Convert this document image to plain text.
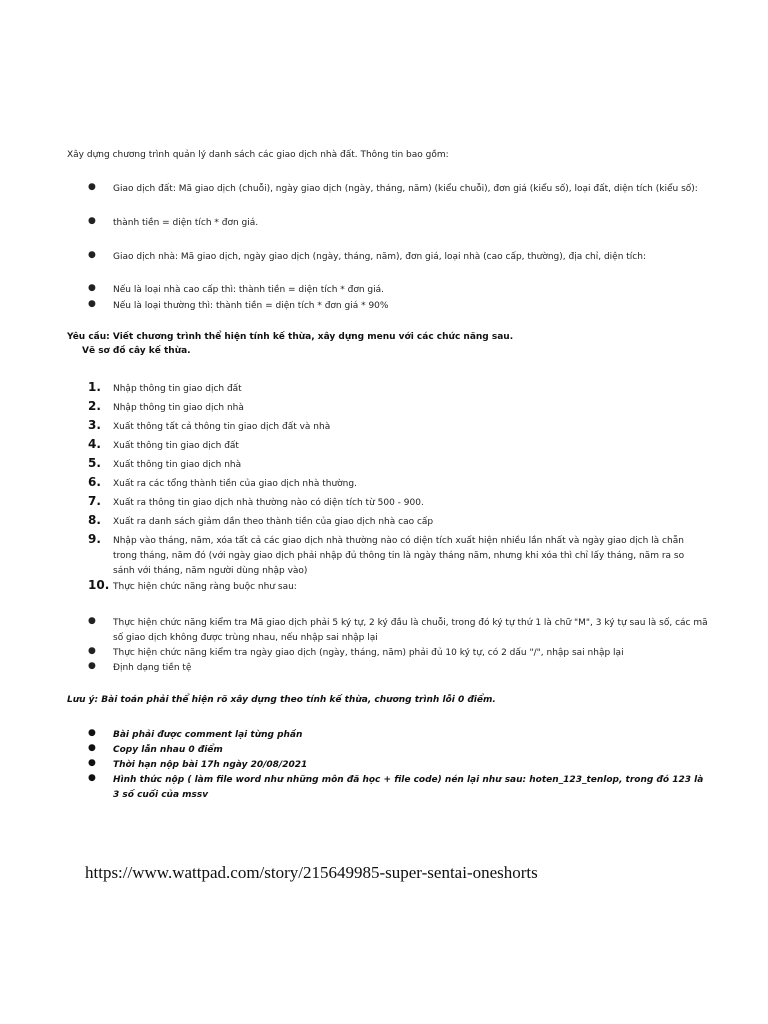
Xây dựng chương trình quản lý danh sách các giao dịch nhà đất. Thông tin bao gồm:
● Giao dịch đất: Mã giao dịch (chuỗi), ngày giao dịch (ngày, tháng, năm) (kiểu chuỗi), đơn giá (kiểu số), loại đất, diện tích (kiểu số):
● thành tiền = diện tích * đơn giá.
● Giao dịch nhà: Mã giao dịch, ngày giao dịch (ngày, tháng, năm), đơn giá, loại nhà (cao cấp, thường), địa chỉ, diện tích:
● Nếu là loại nhà cao cấp thì: thành tiền = diện tích * đơn giá.
● Nếu là loại thường thì: thành tiền = diện tích * đơn giá * 90%
Yêu cầu: Viết chương trình thể hiện tính kế thừa, xây dựng menu với các chức năng sau.
Vẽ sơ đồ cây kế thừa.
1. Nhập thông tin giao dịch đất
2. Nhập thông tin giao dịch nhà
3. Xuất thông tất cả thông tin giao dịch đất và nhà
4. Xuất thông tin giao dịch đất
5. Xuất thông tin giao dịch nhà
6. Xuất ra các tổng thành tiền của giao dịch nhà thường.
7. Xuất ra thông tin giao dịch nhà thường nào có diện tích từ 500 - 900.
8. Xuất ra danh sách giảm dần theo thành tiền của giao dịch nhà cao cấp
9. Nhập vào tháng, năm, xóa tất cả các giao dịch nhà thường nào có diện tích xuất hiện nhiều lần nhất và ngày giao dịch là chẵn trong tháng, năm đó (với ngày giao dịch phải nhập đủ thông tin là ngày tháng năm, nhưng khi xóa thì chỉ lấy tháng, năm ra so sánh với tháng, năm người dùng nhập vào)
10. Thực hiện chức năng ràng buộc như sau:
● Thực hiện chức năng kiểm tra Mã giao dịch phải 5 ký tự, 2 ký đầu là chuỗi, trong đó ký tự thứ 1 là chữ "M", 3 ký tự sau là số, các mã số giao dịch không được trùng nhau, nếu nhập sai nhập lại
● Thực hiện chức năng kiểm tra ngày giao dịch (ngày, tháng, năm) phải đủ 10 ký tự, có 2 dấu "/", nhập sai nhập lại
● Định dạng tiền tệ
Lưu ý: Bài toán phải thể hiện rõ xây dựng theo tính kế thừa, chương trình lỗi 0 điểm.
● Bài phải được comment lại từng phần
● Copy lẫn nhau 0 điểm
● Thời hạn nộp bài 17h ngày 20/08/2021
● Hình thức nộp ( làm file word như những môn đã học + file code) nén lại như sau: hoten_123_tenlop, trong đó 123 là 3 số cuối của mssv
https://www.wattpad.com/story/215649985-super-sentai-oneshorts
